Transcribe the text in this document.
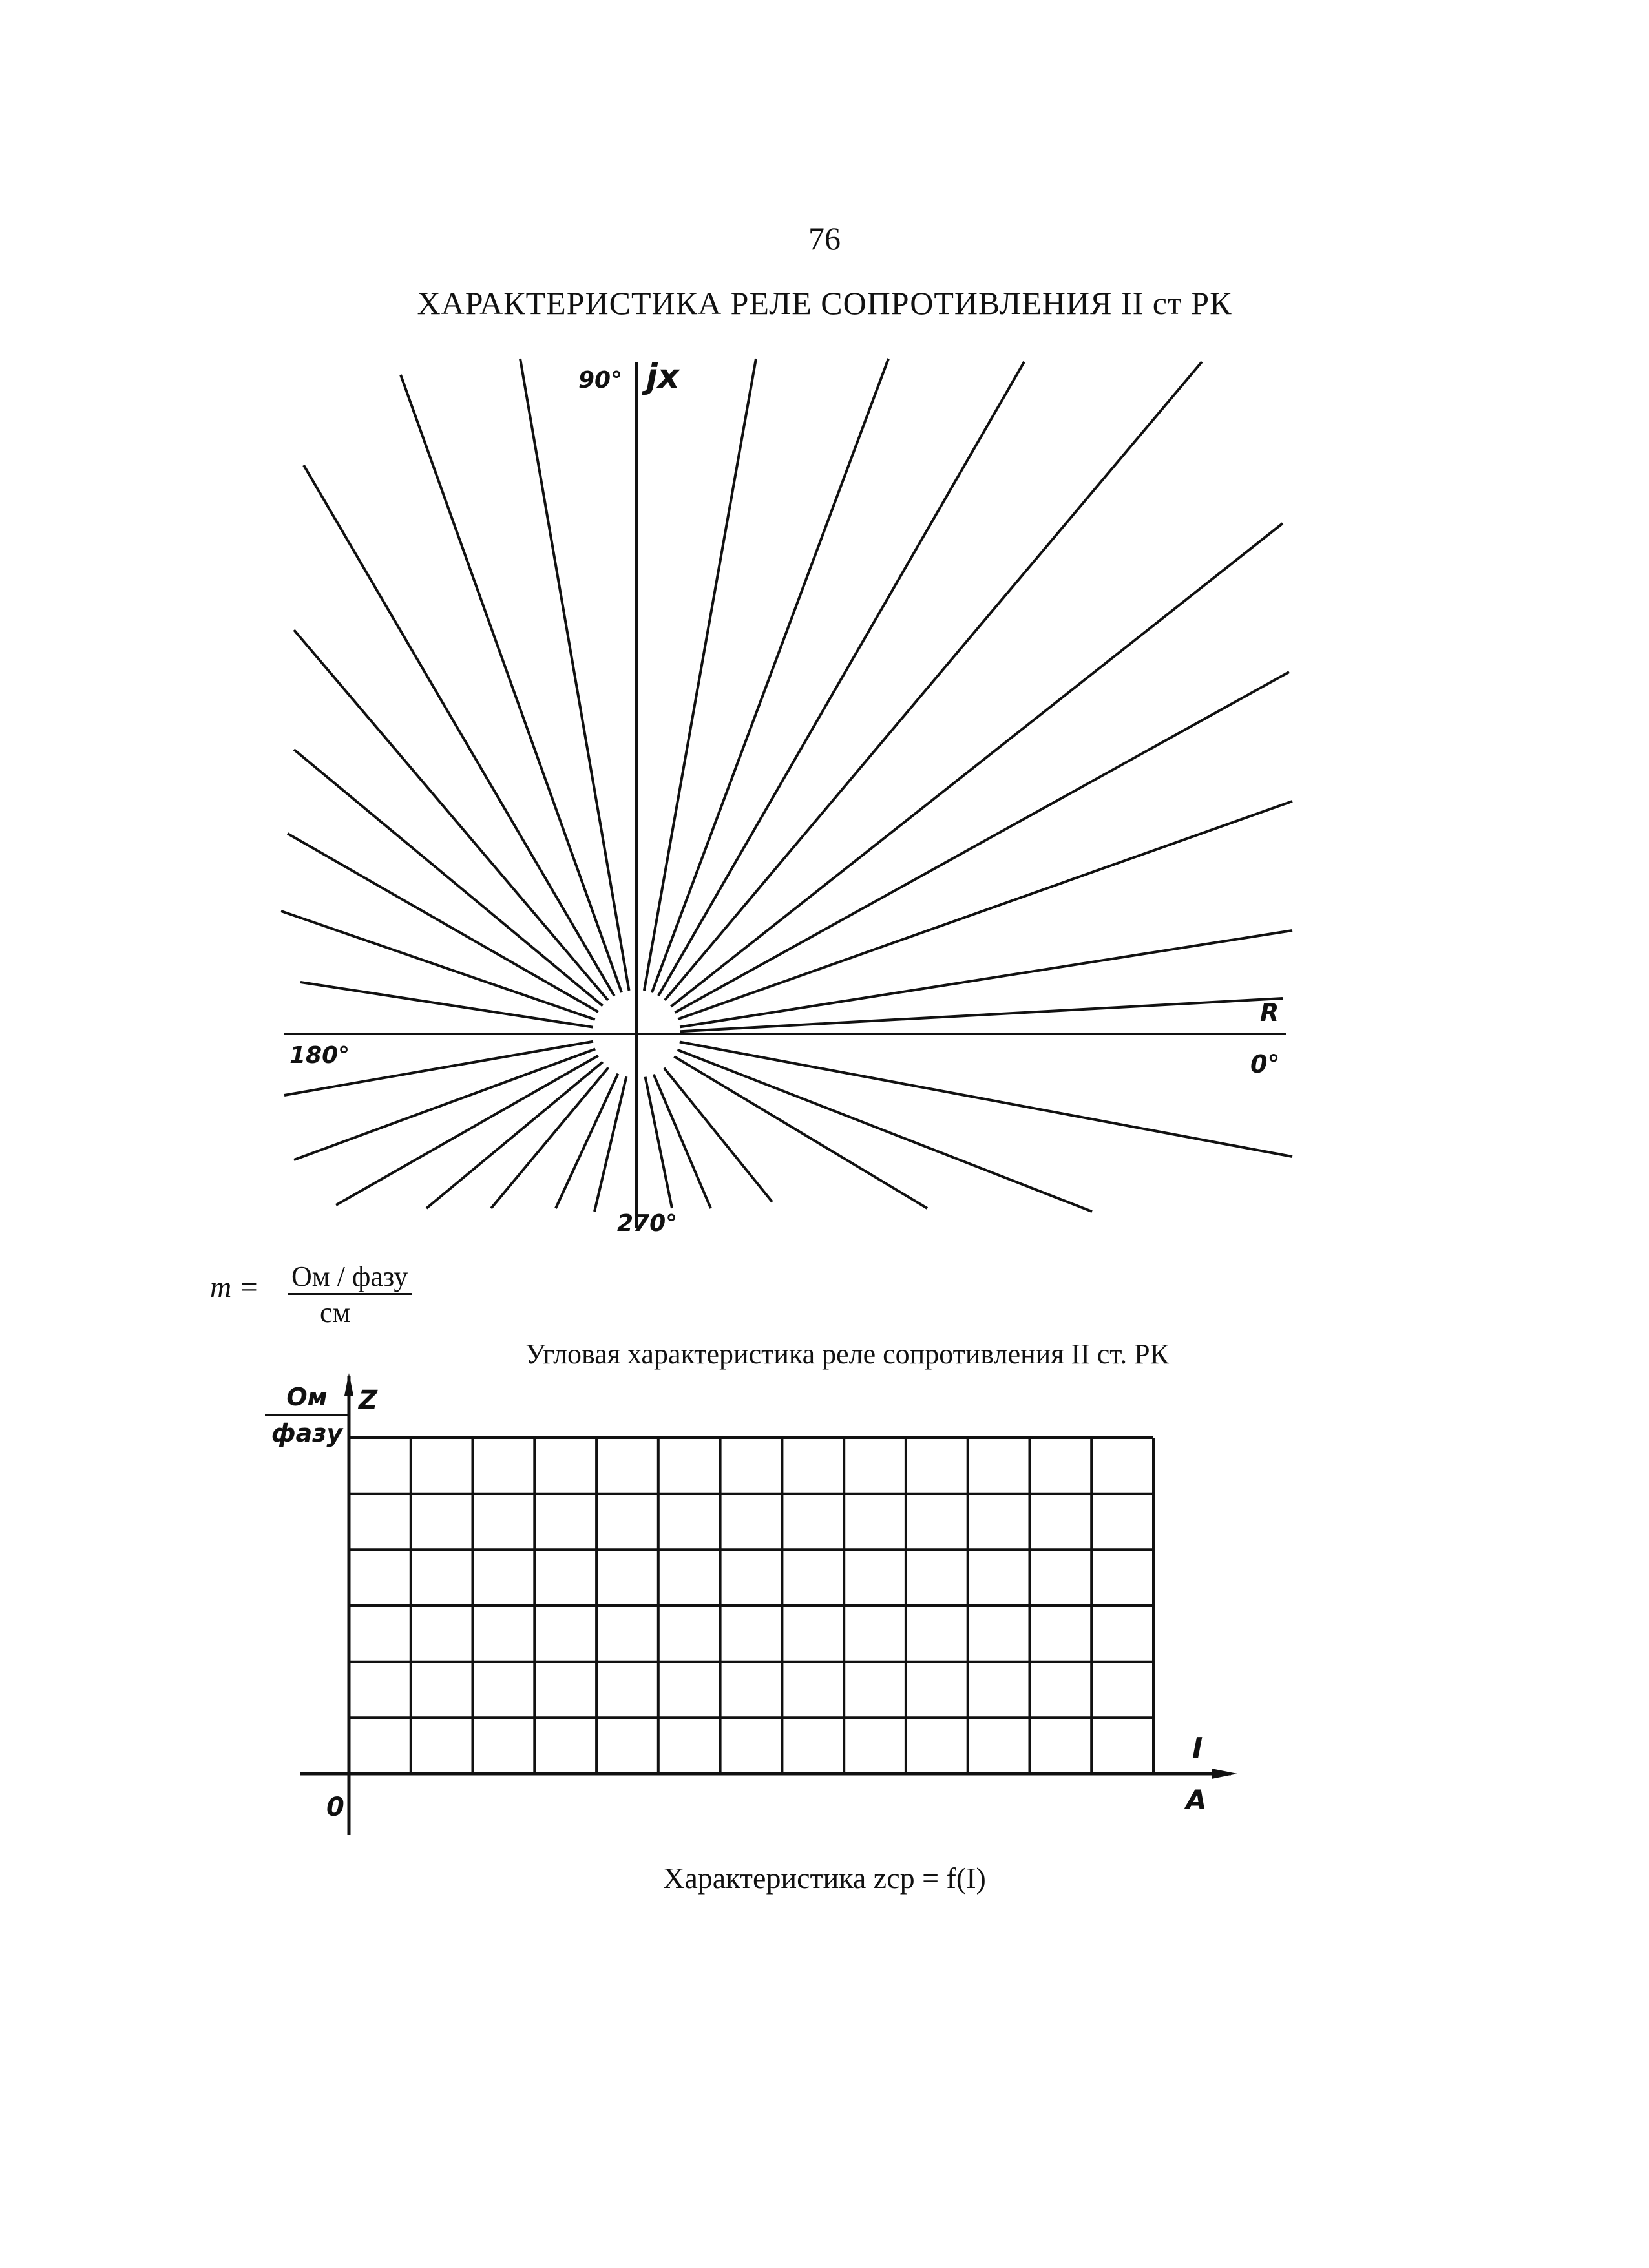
76
ХАРАКТЕРИСТИКА РЕЛЕ СОПРОТИВЛЕНИЯ II ст РК
90° jx
180°
R
0°
270°
m = Ом / фазу
см
Угловая характеристика реле сопротивления II ст. РК
Ом
фазу
Z
0
I
A
Характеристика zср = f(I)
